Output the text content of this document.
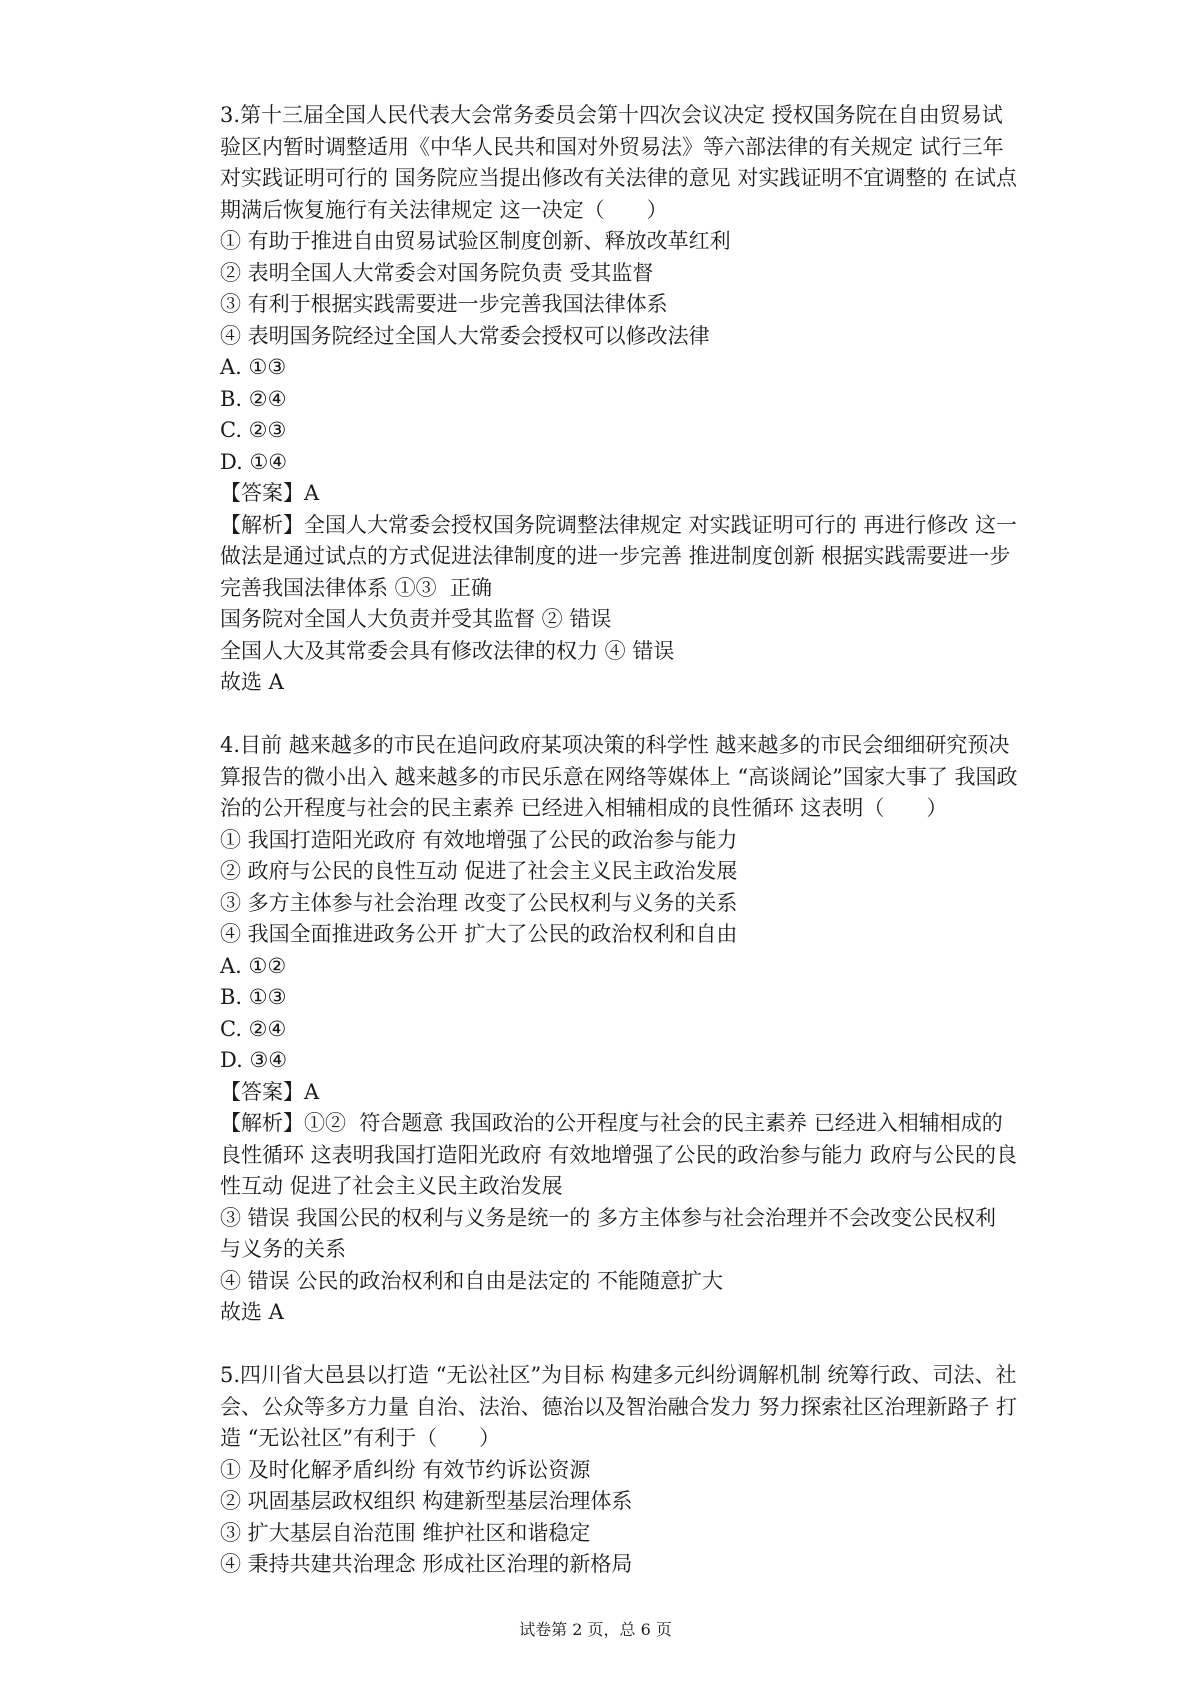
3.第十三届全国人民代表大会常务委员会第十四次会议决定 授权国务院在自由贸易试
验区内暂时调整适用《中华人民共和国对外贸易法》等六部法律的有关规定 试行三年
对实践证明可行的 国务院应当提出修改有关法律的意见 对实践证明不宜调整的 在试点
期满后恢复施行有关法律规定 这一决定（　　）
① 有助于推进自由贸易试验区制度创新、释放改革红利
② 表明全国人大常委会对国务院负责 受其监督
③ 有利于根据实践需要进一步完善我国法律体系
④ 表明国务院经过全国人大常委会授权可以修改法律
A. ①③
B. ②④
C. ②③
D. ①④
【答案】A
【解析】全国人大常委会授权国务院调整法律规定 对实践证明可行的 再进行修改 这一
做法是通过试点的方式促进法律制度的进一步完善 推进制度创新 根据实践需要进一步
完善我国法律体系 ①③  正确
国务院对全国人大负责并受其监督 ② 错误
全国人大及其常委会具有修改法律的权力 ④ 错误
故选 A
4.目前 越来越多的市民在追问政府某项决策的科学性 越来越多的市民会细细研究预决
算报告的微小出入 越来越多的市民乐意在网络等媒体上 “高谈阔论”国家大事了 我国政
治的公开程度与社会的民主素养 已经进入相辅相成的良性循环 这表明（　　）
① 我国打造阳光政府 有效地增强了公民的政治参与能力
② 政府与公民的良性互动 促进了社会主义民主政治发展
③ 多方主体参与社会治理 改变了公民权利与义务的关系
④ 我国全面推进政务公开 扩大了公民的政治权利和自由
A. ①②
B. ①③
C. ②④
D. ③④
【答案】A
【解析】①②  符合题意 我国政治的公开程度与社会的民主素养 已经进入相辅相成的
良性循环 这表明我国打造阳光政府 有效地增强了公民的政治参与能力 政府与公民的良
性互动 促进了社会主义民主政治发展
③ 错误 我国公民的权利与义务是统一的 多方主体参与社会治理并不会改变公民权利
与义务的关系
④ 错误 公民的政治权利和自由是法定的 不能随意扩大
故选 A
5.四川省大邑县以打造 “无讼社区”为目标 构建多元纠纷调解机制 统筹行政、司法、社
会、公众等多方力量 自治、法治、德治以及智治融合发力 努力探索社区治理新路子 打
造 “无讼社区”有利于（　　）
① 及时化解矛盾纠纷 有效节约诉讼资源
② 巩固基层政权组织 构建新型基层治理体系
③ 扩大基层自治范围 维护社区和谐稳定
④ 秉持共建共治理念 形成社区治理的新格局
试卷第 2 页，总 6 页
